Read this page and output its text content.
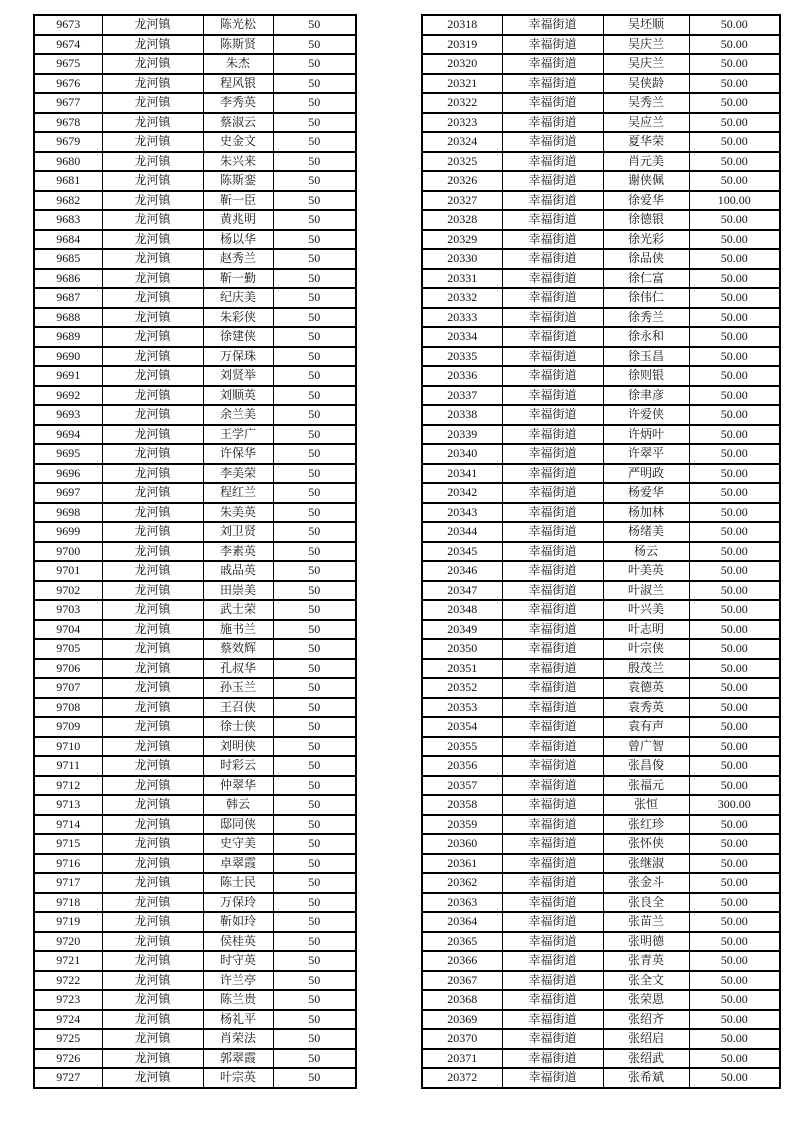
9673	龙河镇	陈光松	50
9674	龙河镇	陈斯贤	50
9675	龙河镇	朱杰	50
9676	龙河镇	程风银	50
9677	龙河镇	李秀英	50
9678	龙河镇	蔡淑云	50
9679	龙河镇	史金文	50
9680	龙河镇	朱兴来	50
9681	龙河镇	陈斯銮	50
9682	龙河镇	靳一臣	50
9683	龙河镇	黄兆明	50
9684	龙河镇	杨以华	50
9685	龙河镇	赵秀兰	50
9686	龙河镇	靳一勤	50
9687	龙河镇	纪庆美	50
9688	龙河镇	朱彩侠	50
9689	龙河镇	徐建侠	50
9690	龙河镇	万保珠	50
9691	龙河镇	刘贤举	50
9692	龙河镇	刘顺英	50
9693	龙河镇	余兰美	50
9694	龙河镇	王学广	50
9695	龙河镇	许保华	50
9696	龙河镇	李美荣	50
9697	龙河镇	程红兰	50
9698	龙河镇	朱美英	50
9699	龙河镇	刘卫贤	50
9700	龙河镇	李素英	50
9701	龙河镇	戚品英	50
9702	龙河镇	田崇美	50
9703	龙河镇	武士荣	50
9704	龙河镇	施书兰	50
9705	龙河镇	蔡效辉	50
9706	龙河镇	孔叔华	50
9707	龙河镇	孙玉兰	50
9708	龙河镇	王召侠	50
9709	龙河镇	徐士侠	50
9710	龙河镇	刘明侠	50
9711	龙河镇	时彩云	50
9712	龙河镇	仲翠华	50
9713	龙河镇	韩云	50
9714	龙河镇	邸同侠	50
9715	龙河镇	史守美	50
9716	龙河镇	卓翠霞	50
9717	龙河镇	陈士民	50
9718	龙河镇	万保玲	50
9719	龙河镇	靳如玲	50
9720	龙河镇	侯桂英	50
9721	龙河镇	时守英	50
9722	龙河镇	许兰亭	50
9723	龙河镇	陈兰贵	50
9724	龙河镇	杨礼平	50
9725	龙河镇	肖荣法	50
9726	龙河镇	郭翠霞	50
9727	龙河镇	叶宗英	50
20318	幸福街道	吴坯顺	50.00
20319	幸福街道	吴庆兰	50.00
20320	幸福街道	吴庆兰	50.00
20321	幸福街道	吴侠龄	50.00
20322	幸福街道	吴秀兰	50.00
20323	幸福街道	吴应兰	50.00
20324	幸福街道	夏华荣	50.00
20325	幸福街道	肖元美	50.00
20326	幸福街道	谢侠佩	50.00
20327	幸福街道	徐爱华	100.00
20328	幸福街道	徐德银	50.00
20329	幸福街道	徐光彩	50.00
20330	幸福街道	徐品侠	50.00
20331	幸福街道	徐仁富	50.00
20332	幸福街道	徐伟仁	50.00
20333	幸福街道	徐秀兰	50.00
20334	幸福街道	徐永和	50.00
20335	幸福街道	徐玉昌	50.00
20336	幸福街道	徐则银	50.00
20337	幸福街道	徐聿彦	50.00
20338	幸福街道	许爱侠	50.00
20339	幸福街道	许炳叶	50.00
20340	幸福街道	许翠平	50.00
20341	幸福街道	严明政	50.00
20342	幸福街道	杨爱华	50.00
20343	幸福街道	杨加林	50.00
20344	幸福街道	杨绪美	50.00
20345	幸福街道	杨云	50.00
20346	幸福街道	叶美英	50.00
20347	幸福街道	叶淑兰	50.00
20348	幸福街道	叶兴美	50.00
20349	幸福街道	叶志明	50.00
20350	幸福街道	叶宗侠	50.00
20351	幸福街道	殷茂兰	50.00
20352	幸福街道	袁德英	50.00
20353	幸福街道	袁秀英	50.00
20354	幸福街道	袁有声	50.00
20355	幸福街道	曾广智	50.00
20356	幸福街道	张昌俊	50.00
20357	幸福街道	张福元	50.00
20358	幸福街道	张恒	300.00
20359	幸福街道	张红珍	50.00
20360	幸福街道	张怀侠	50.00
20361	幸福街道	张继淑	50.00
20362	幸福街道	张金斗	50.00
20363	幸福街道	张良全	50.00
20364	幸福街道	张苗兰	50.00
20365	幸福街道	张明德	50.00
20366	幸福街道	张青英	50.00
20367	幸福街道	张全文	50.00
20368	幸福街道	张荣恩	50.00
20369	幸福街道	张绍齐	50.00
20370	幸福街道	张绍启	50.00
20371	幸福街道	张绍武	50.00
20372	幸福街道	张希斌	50.00
